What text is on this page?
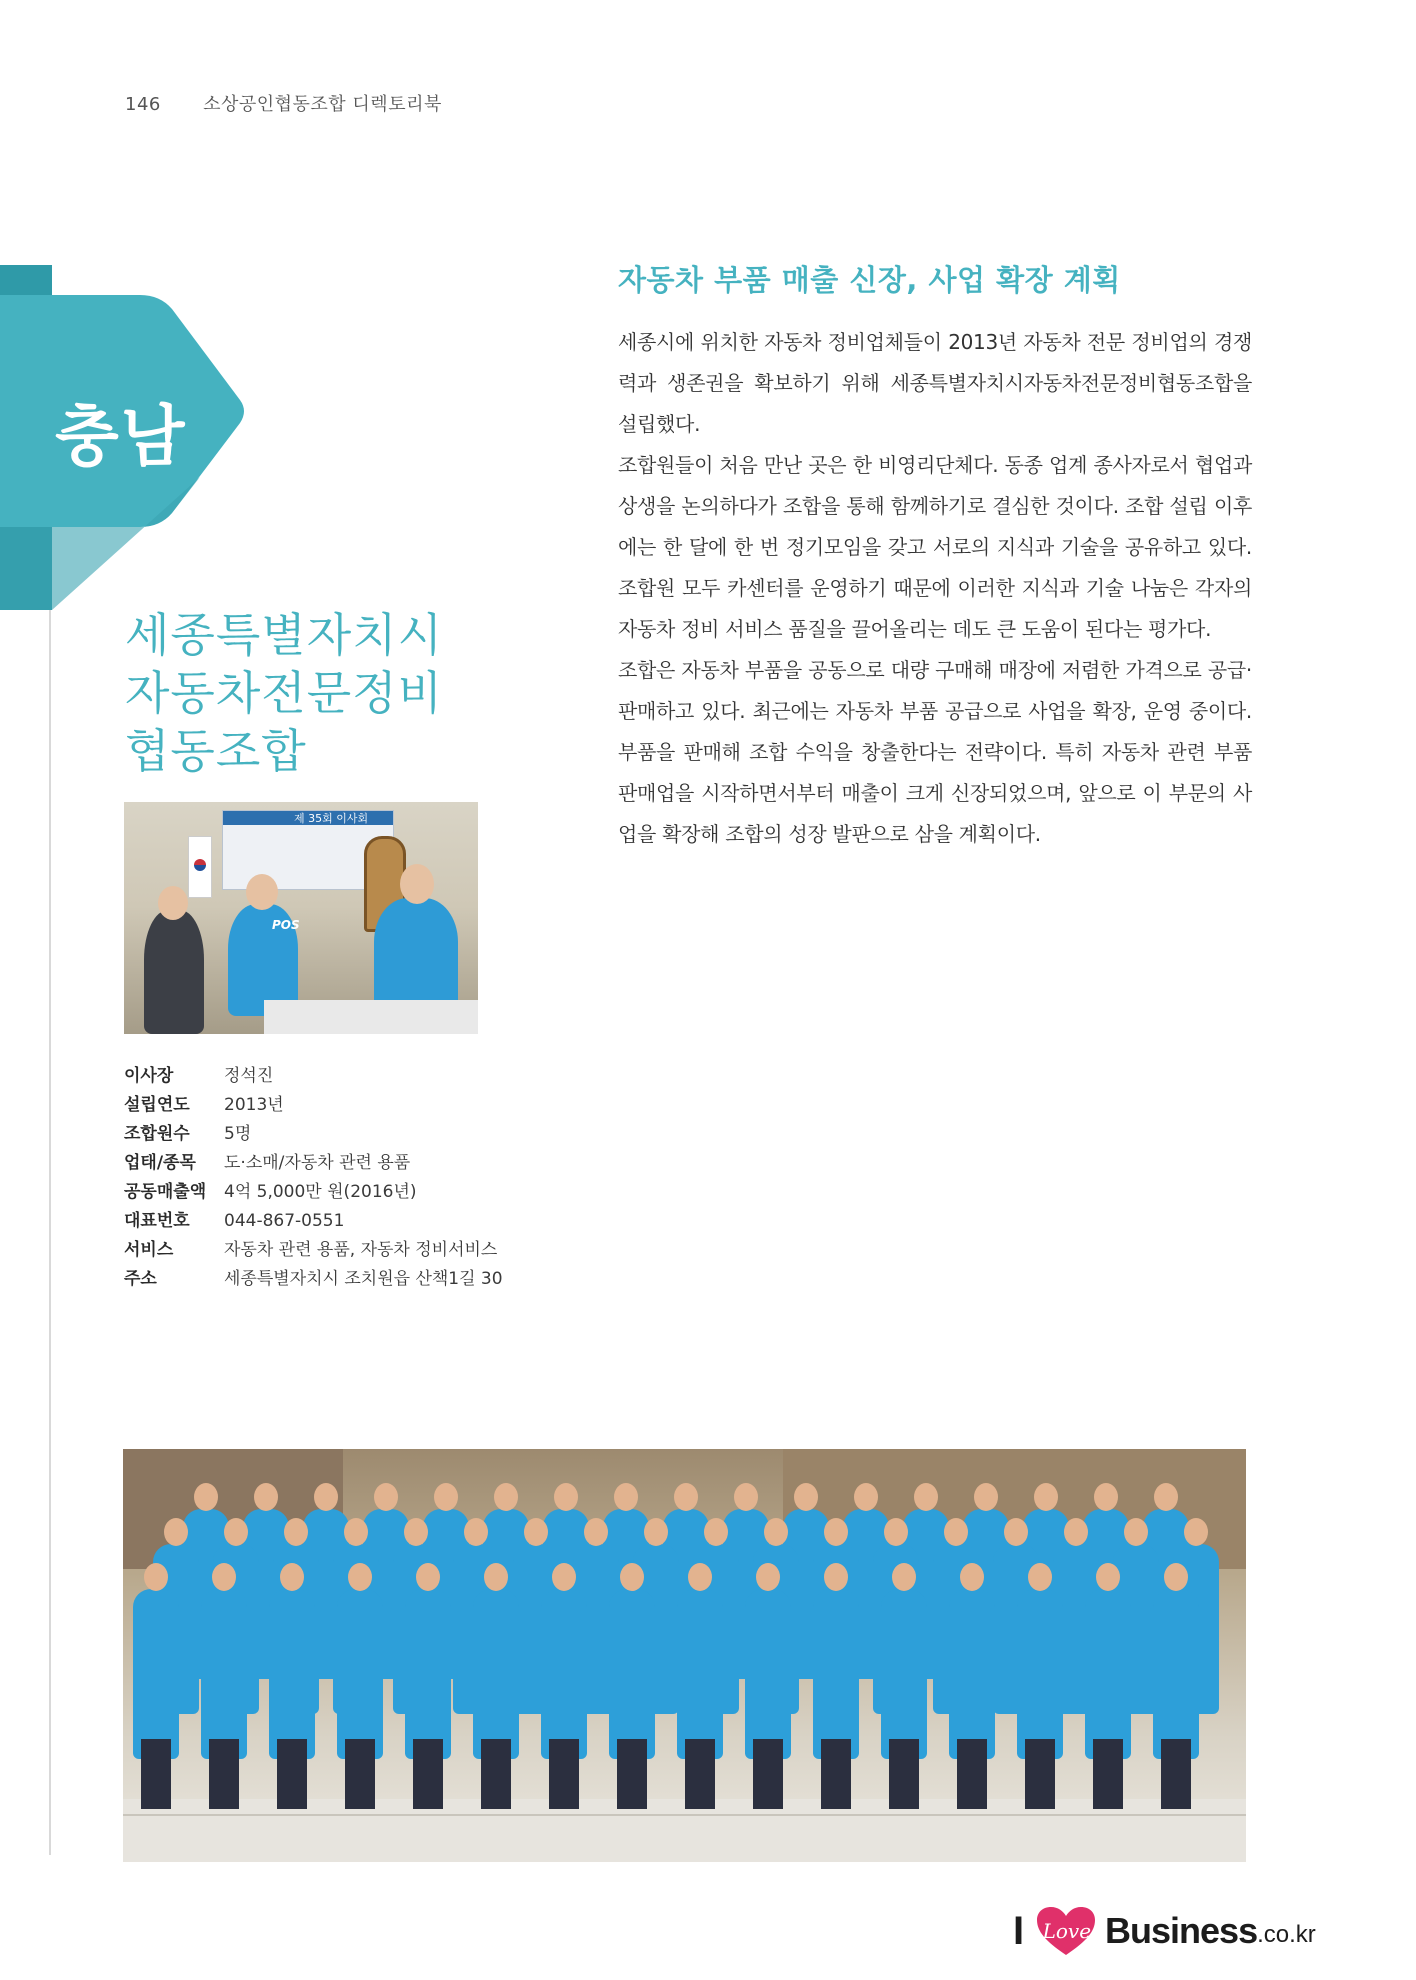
146 소상공인협동조합 디렉토리북
충남
세종특별자치시
자동차전문정비
협동조합
제 35회 이사회
POS
이사장	정석진
설립연도 2013년
조합원수 5명
업태/종목 도·소매/자동차 관련 용품
공동매출액 4억 5,000만 원(2016년)
대표번호 044-867-0551
서비스	자동차 관련 용품, 자동차 정비서비스
주소	세종특별자치시 조치원읍 산책1길 30
자동차 부품 매출 신장, 사업 확장 계획

세종시에 위치한 자동차 정비업체들이 2013년 자동차 전문 정비업의 경쟁력과 생존권을 확보하기 위해 세종특별자치시자동차전문정비협동조합을 설립했다.

조합원들이 처음 만난 곳은 한 비영리단체다. 동종 업계 종사자로서 협업과 상생을 논의하다가 조합을 통해 함께하기로 결심한 것이다. 조합 설립 이후에는 한 달에 한 번 정기모임을 갖고 서로의 지식과 기술을 공유하고 있다. 조합원 모두 카센터를 운영하기 때문에 이러한 지식과 기술 나눔은 각자의 자동차 정비 서비스 품질을 끌어올리는 데도 큰 도움이 된다는 평가다.

조합은 자동차 부품을 공동으로 대량 구매해 매장에 저렴한 가격으로 공급·판매하고 있다. 최근에는 자동차 부품 공급으로 사업을 확장, 운영 중이다. 부품을 판매해 조합 수익을 창출한다는 전략이다. 특히 자동차 관련 부품 판매업을 시작하면서부터 매출이 크게 신장되었으며, 앞으로 이 부문의 사업을 확장해 조합의 성장 발판으로 삼을 계획이다.

I Love Business.co.kr
